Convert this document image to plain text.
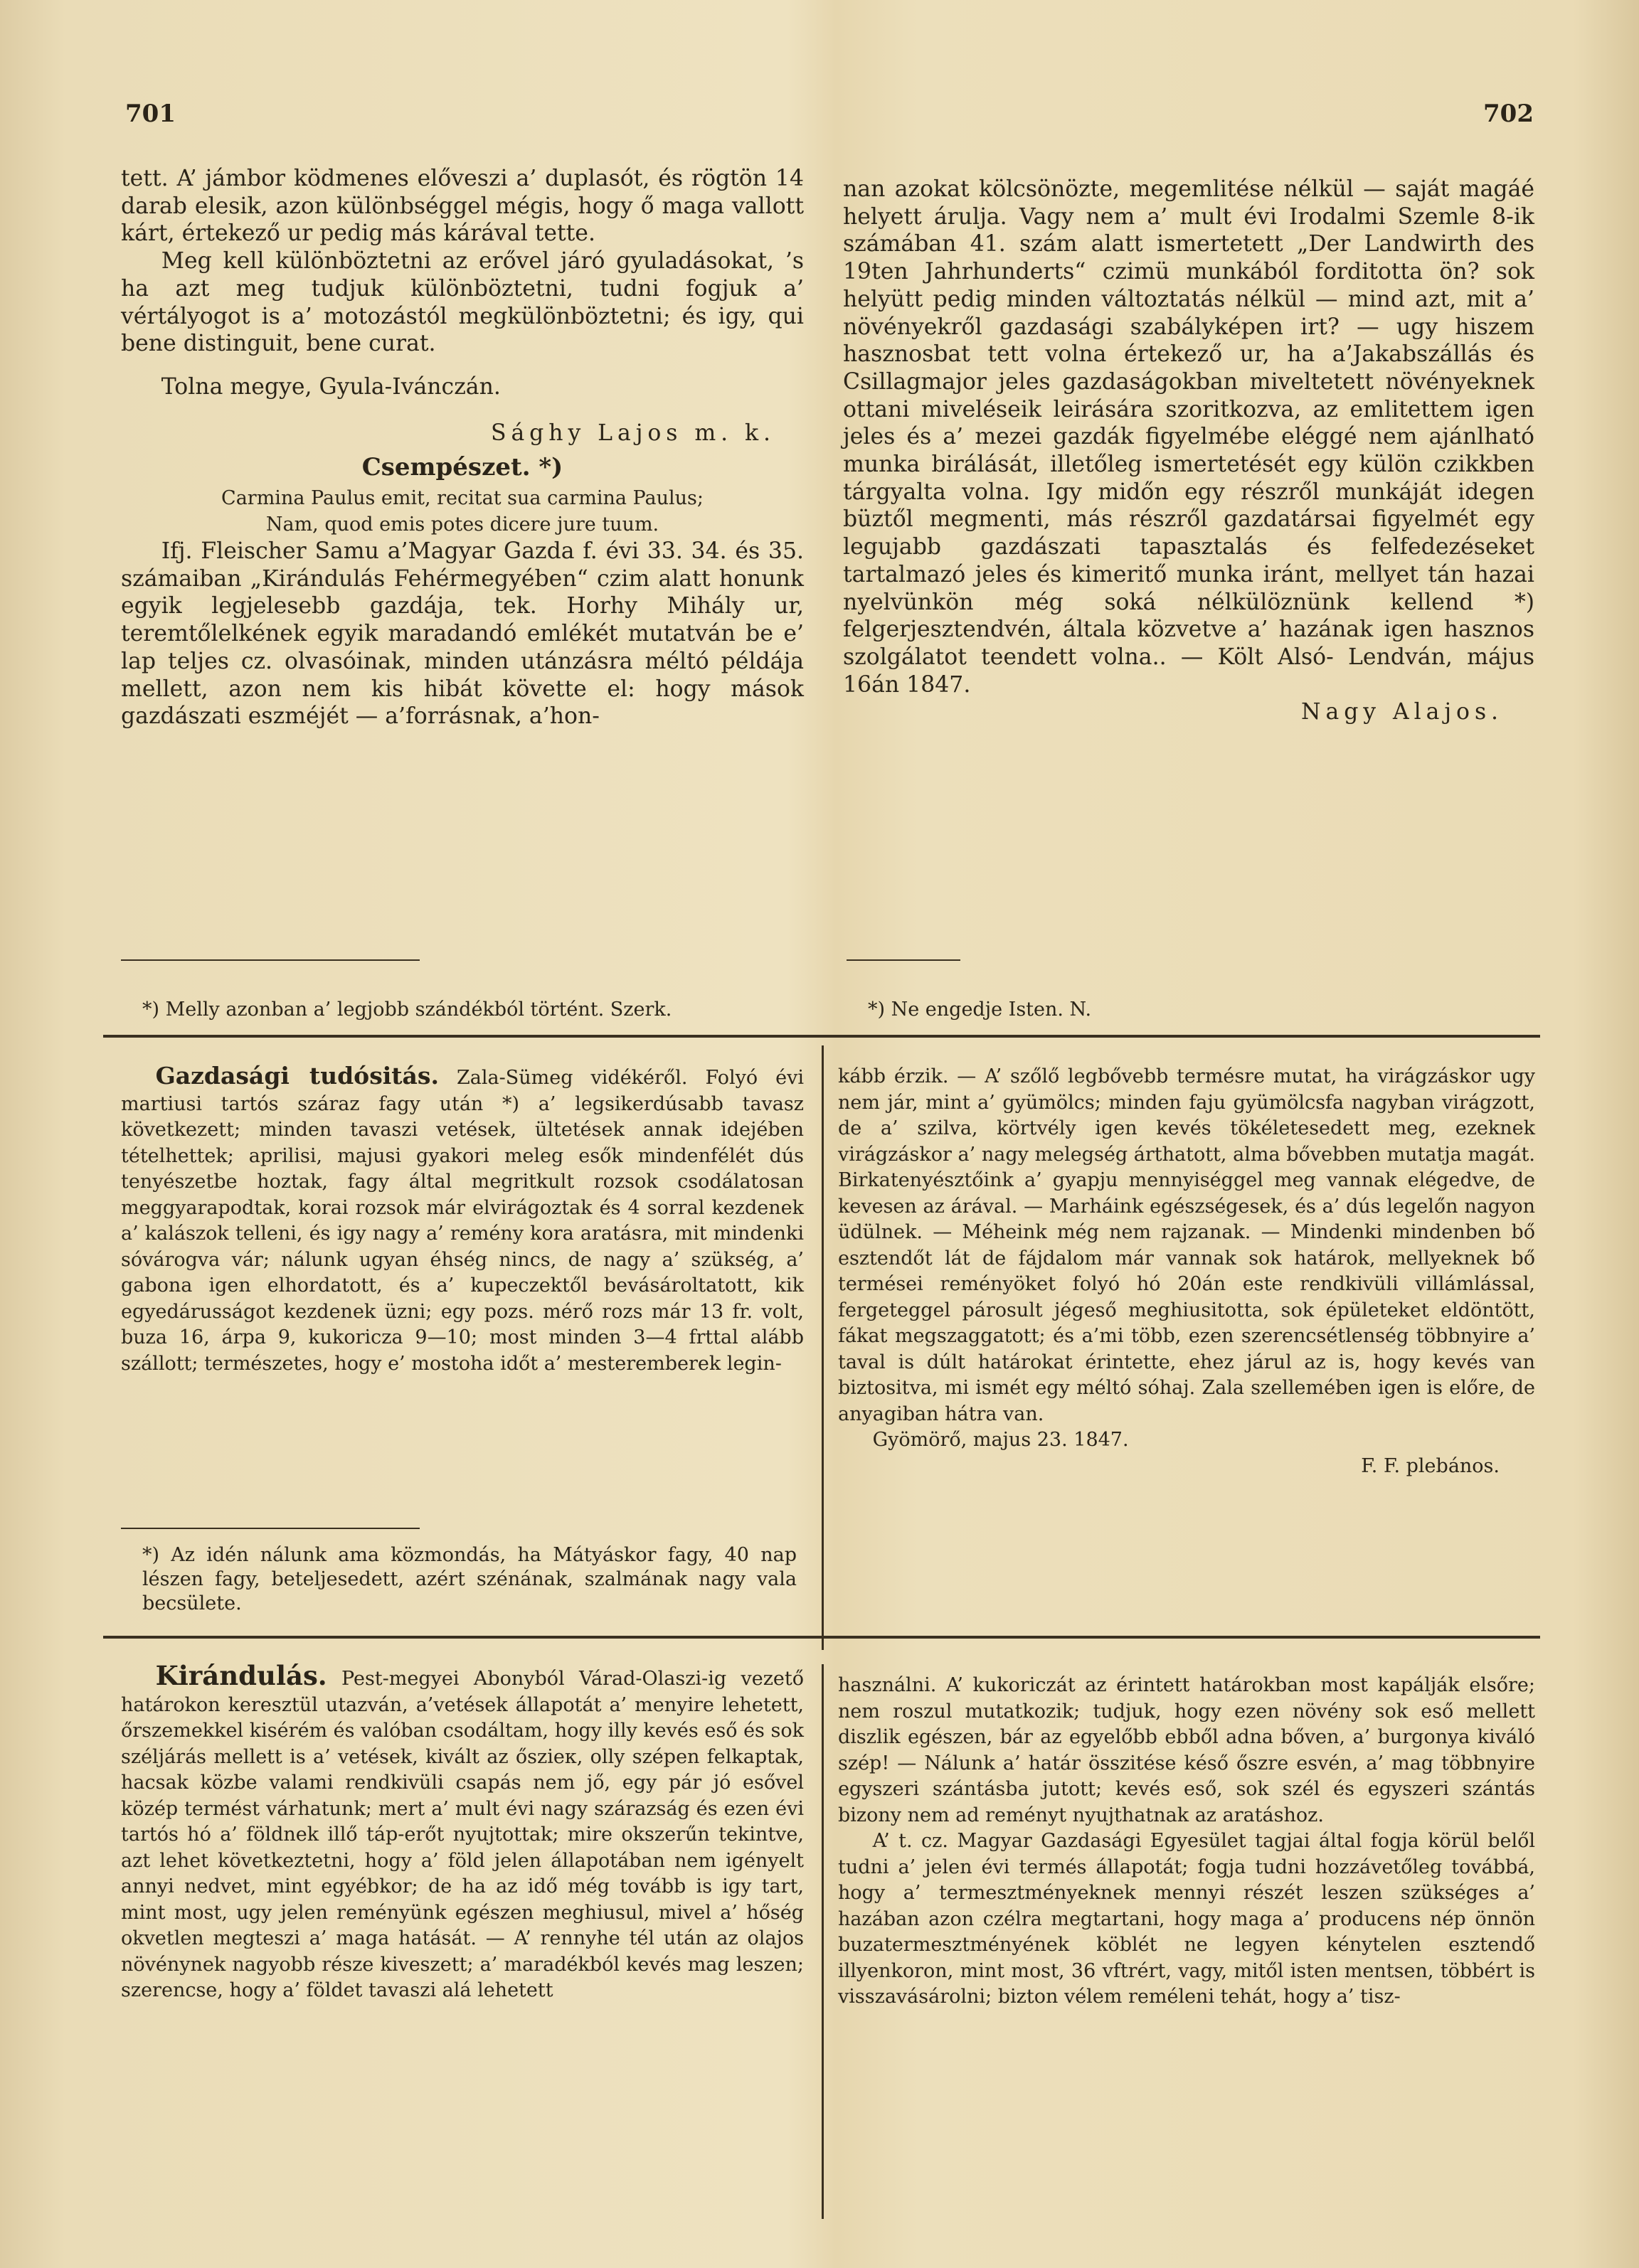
701	702

tett. A’ jámbor ködmenes előveszi a’ duplasót, és rögtön 14 darab elesik, azon különbséggel mégis, hogy ő maga vallott kárt, értekező ur pedig más kárával tette.

Meg kell különböztetni az erővel járó gyuladásokat, ’s ha azt meg tudjuk különböztetni, tudni fogjuk a’ vértályogot is a’ motozástól megkülönböztetni; és igy, qui bene distinguit, bene curat.

Tolna megye, Gyula-Ivánczán.

Sághy Lajos m. k.

Csempészet. *)

Carmina Paulus emit, recitat sua carmina Paulus;

Nam, quod emis potes dicere jure tuum.

Ifj. Fleischer Samu a’Magyar Gazda f. évi 33. 34. és 35. számaiban „Kirándulás Fehérmegyében“ czim alatt honunk egyik legjelesebb gazdája, tek. Horhy Mihály ur, teremtőlelkének egyik maradandó emlékét mutatván be e’ lap teljes cz. olvasóinak, minden utánzásra méltó példája mellett, azon nem kis hibát követte el: hogy mások gazdászati eszméjét — a’forrásnak, a’hon-

*) Melly azonban a’ legjobb szándékból történt. Szerk.

nan azokat kölcsönözte, megemlitése nélkül — saját magáé helyett árulja. Vagy nem a’ mult évi Irodalmi Szemle 8-ik számában 41. szám alatt ismertetett „Der Landwirth des 19ten Jahrhunderts“ czimü munkából forditotta ön? sok helyütt pedig minden változtatás nélkül — mind azt, mit a’ növényekről gazdasági szabályképen irt? — ugy hiszem hasznosbat tett volna értekező ur, ha a’Jakabszállás és Csillagmajor jeles gazdaságokban miveltetett növényeknek ottani miveléseik leirására szoritkozva, az emlitettem igen jeles és a’ mezei gazdák figyelmébe eléggé nem ajánlható munka birálását, illetőleg ismertetését egy külön czikkben tárgyalta volna. Igy midőn egy részről munkáját idegen büztől megmenti, más részről gazdatársai figyelmét egy legujabb gazdászati tapasztalás és felfedezéseket tartalmazó jeles és kimeritő munka iránt, mellyet tán hazai nyelvünkön még soká nélkülöznünk kellend *) felgerjesztendvén, általa közvetve a’ hazának igen hasznos szolgálatot teendett volna.. — Költ Alsó- Lendván, május 16án 1847.

Nagy Alajos.

*) Ne engedje Isten. N.

Gazdasági tudósitás. Zala-Sümeg vidékéről. Folyó évi martiusi tartós száraz fagy után *) a’ legsikerdúsabb tavasz következett; minden tavaszi vetések, ültetések annak idejében tételhettek; aprilisi, majusi gyakori meleg esők mindenfélét dús tenyészetbe hoztak, fagy által megritkult rozsok csodálatosan meggyarapodtak, korai rozsok már elvirágoztak és 4 sorral kezdenek a’ kalászok telleni, és igy nagy a’ remény kora aratásra, mit mindenki sóvárogva vár; nálunk ugyan éhség nincs, de nagy a’ szükség, a’ gabona igen elhordatott, és a’ kupeczektől bevásároltatott, kik egyedárusságot kezdenek üzni; egy pozs. mérő rozs már 13 fr. volt, buza 16, árpa 9, kukoricza 9—10; most minden 3—4 frttal alább szállott; természetes, hogy e’ mostoha időt a’ mesteremberek legin-

*) Az idén nálunk ama közmondás, ha Mátyáskor fagy, 40 nap lészen fagy, beteljesedett, azért szénának, szalmának nagy vala becsülete.

kább érzik. — A’ szőlő legbővebb termésre mutat, ha virágzáskor ugy nem jár, mint a’ gyümölcs; minden faju gyümölcsfa nagyban virágzott, de a’ szilva, körtvély igen kevés tökéletesedett meg, ezeknek virágzáskor a’ nagy melegség árthatott, alma bővebben mutatja magát. Birkatenyésztőink a’ gyapju mennyiséggel meg vannak elégedve, de kevesen az árával. — Marháink egészségesek, és a’ dús legelőn nagyon üdülnek. — Méheink még nem rajzanak. — Mindenki mindenben bő esztendőt lát de fájdalom már vannak sok határok, mellyeknek bő termései reményöket folyó hó 20án este rendkivüli villámlással, fergeteggel párosult jégeső meghiusitotta, sok épületeket eldöntött, fákat megszaggatott; és a’mi több, ezen szerencsétlenség többnyire a’ taval is dúlt határokat érintette, ehez járul az is, hogy kevés van biztositva, mi ismét egy méltó sóhaj. Zala szellemében igen is előre, de anyagiban hátra van.

Gyömörő, majus 23. 1847.

F. F. plebános.

Kirándulás. Pest-megyei Abonyból Várad-Olaszi-ig vezető határokon keresztül utazván, a’vetések állapotát a’ menyire lehetett, őrszemekkel kisérém és valóban csodáltam, hogy illy kevés eső és sok széljárás mellett is a’ vetések, kivált az őszieк, olly szépen felkaptak, hacsak közbe valami rendkivüli csapás nem jő, egy pár jó esővel közép termést várhatunk; mert a’ mult évi nagy szárazság és ezen évi tartós hó a’ földnek illő táp-erőt nyujtottak; mire okszerűn tekintve, azt lehet következtetni, hogy a’ föld jelen állapotában nem igényelt annyi nedvet, mint egyébkor; de ha az idő még tovább is igy tart, mint most, ugy jelen reményünk egészen meghiusul, mivel a’ hőség okvetlen megteszi a’ maga hatását. — A’ rennyhe tél után az olajos növénynek nagyobb része kiveszett; a’ maradékból kevés mag leszen; szerencse, hogy a’ földet tavaszi alá lehetett

használni. A’ kukoriczát az érintett határokban most kapálják elsőre; nem roszul mutatkozik; tudjuk, hogy ezen növény sok eső mellett diszlik egészen, bár az egyelőbb ebből adna bőven, a’ burgonya kiváló szép! — Nálunk a’ határ összitése késő őszre esvén, a’ mag többnyire egyszeri szántásba jutott; kevés eső, sok szél és egyszeri szántás bizony nem ad reményt nyujthatnak az aratáshoz.

A’ t. cz. Magyar Gazdasági Egyesület tagjai által fogja körül belől tudni a’ jelen évi termés állapotát; fogja tudni hozzávetőleg továbbá, hogy a’ termesztményeknek mennyi részét leszen szükséges a’ hazában azon czélra megtartani, hogy maga a’ producens nép önnön buzatermesztményének köblét ne legyen kénytelen esztendő illyenkoron, mint most, 36 vftrért, vagy, mitől isten mentsen, többért is visszavásárolni; bizton vélem reméleni tehát, hogy a’ tisz-
